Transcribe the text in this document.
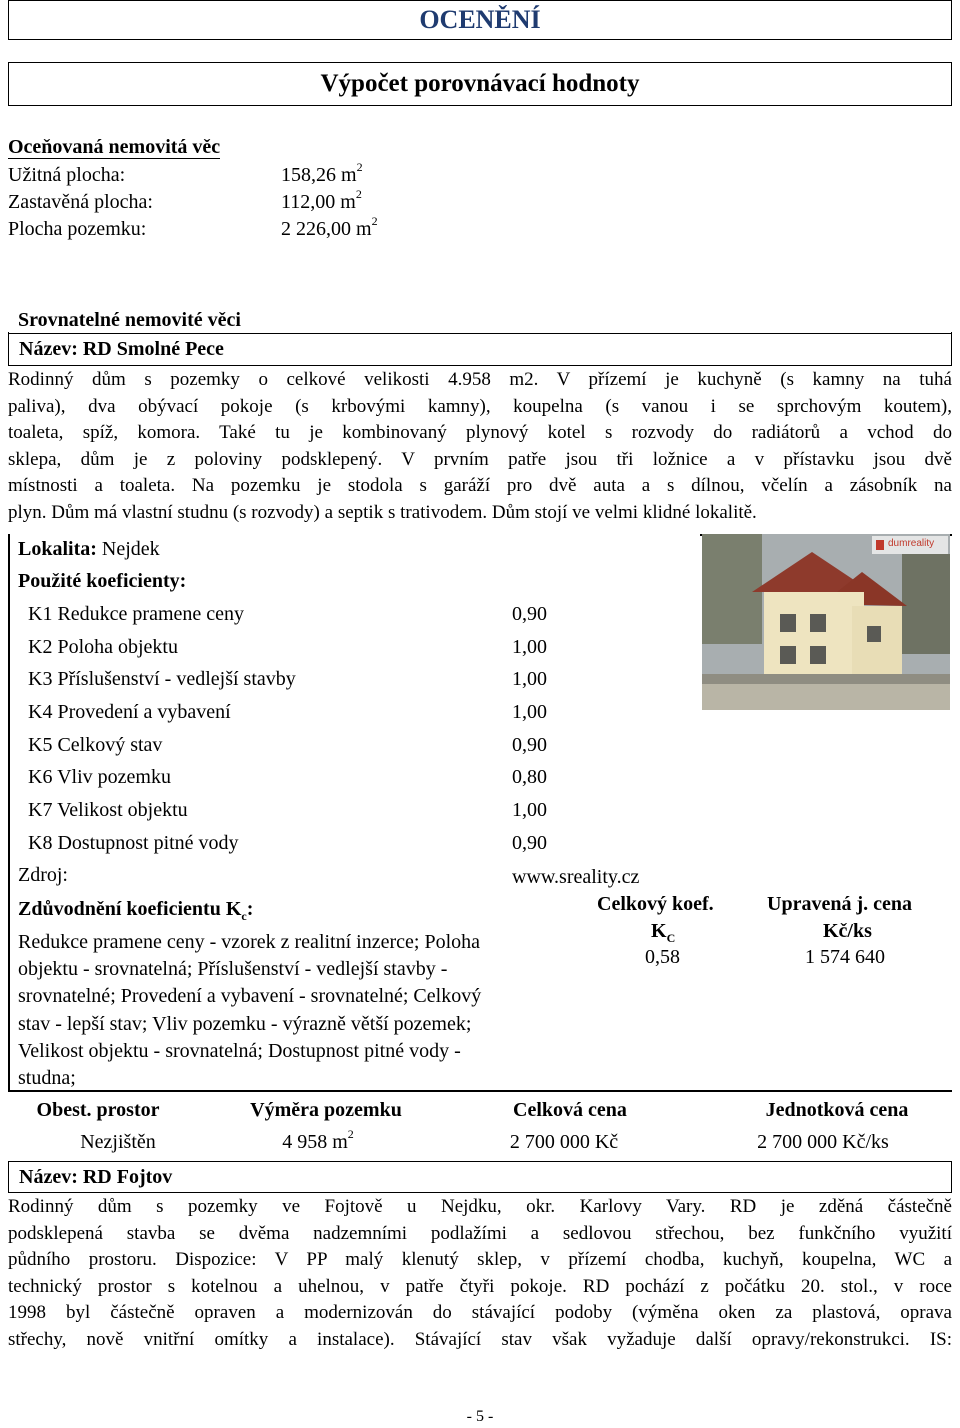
OCENĚNÍ
Výpočet porovnávací hodnoty
Oceňovaná nemovitá věc
Užitná plocha:	158,26 $m^2$
Zastavěná plocha:	112,00 $m^2$
Plocha pozemku:	2 226,00 $m^2$
Srovnatelné nemovité věci
Název: RD Smolné Pece
Rodinný dům s pozemky o celkové velikosti 4.958 m2. V přízemí je kuchyně (s kamny na tuhá
paliva), dva obývací pokoje (s krbovými kamny), koupelna (s vanou i se sprchovým koutem),
toaleta, spíž, komora. Také tu je kombinovaný plynový kotel s rozvody do radiátorů a vchod do
sklepa, dům je z poloviny podsklepený. V prvním patře jsou tři ložnice a v přístavku jsou dvě
místnosti a toaleta. Na pozemku je stodola s garáží pro dvě auta a s dílnou, včelín a zásobník na
plyn. Dům má vlastní studnu (s rozvody) a septik s trativodem. Dům stojí ve velmi klidné lokalitě.
Lokalita: Nejdek
Použité koeficienty:
K1 Redukce pramene ceny	0,90
K2 Poloha objektu	1,00
K3 Příslušenství - vedlejší stavby	1,00
K4 Provedení a vybavení	1,00
K5 Celkový stav	0,90
K6 Vliv pozemku	0,80
K7 Velikost objektu	1,00
K8 Dostupnost pitné vody	0,90
Zdroj:	www.sreality.cz
dumreality
Zdůvodnění koeficientu $K_c$:
Redukce pramene ceny - vzorek z realitní inzerce; Poloha
objektu - srovnatelná; Příslušenství - vedlejší stavby -
srovnatelné; Provedení a vybavení - srovnatelné; Celkový
stav - lepší stav; Vliv pozemku - výrazně větší pozemek;
Velikost objektu - srovnatelná; Dostupnost pitné vody -
studna;
Celkový koef.
$K_C$
0,58
Upravená j. cena
Kč/ks
1 574 640
Obest. prostor	Výměra pozemku	Celková cena	Jednotková cena
Nezjištěn	4 958 $m^2$	2 700 000 Kč	2 700 000 Kč/ks
Název: RD Fojtov
Rodinný dům s pozemky ve Fojtově u Nejdku, okr. Karlovy Vary. RD je zděná částečně
podsklepená stavba se dvěma nadzemními podlažími a sedlovou střechou, bez funkčního využití
půdního prostoru. Dispozice: V PP malý klenutý sklep, v přízemí chodba, kuchyň, koupelna, WC a
technický prostor s kotelnou a uhelnou, v patře čtyři pokoje. RD pochází z počátku 20. stol., v roce
1998 byl částečně opraven a modernizován do stávající podoby (výměna oken za plastová, oprava
střechy, nově vnitřní omítky a instalace). Stávající stav však vyžaduje další opravy/rekonstrukci. IS:
- 5 -
